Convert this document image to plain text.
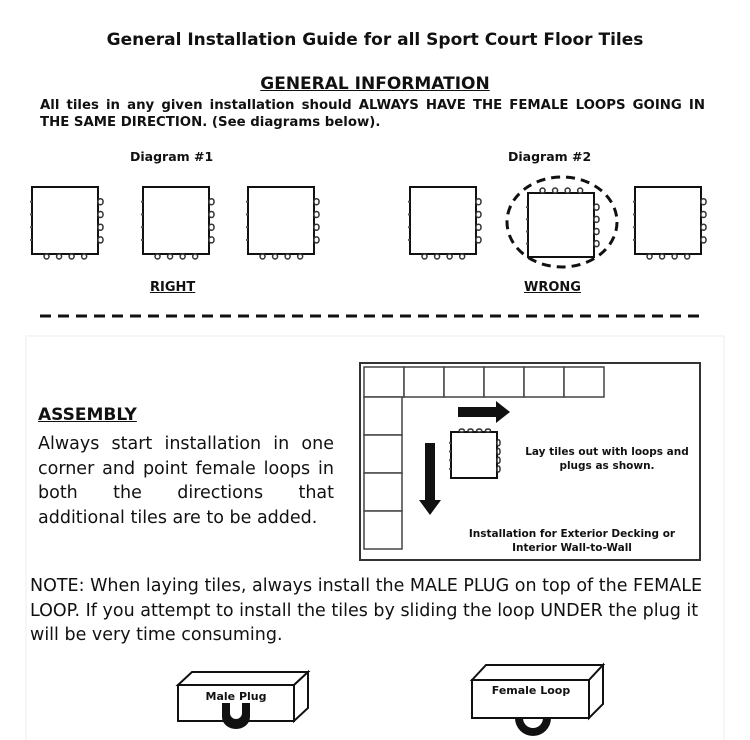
General Installation Guide for all Sport Court Floor Tiles
GENERAL INFORMATION
All tiles in any given installation should ALWAYS HAVE THE FEMALE LOOPS GOING IN THE SAME DIRECTION. (See diagrams below).
Diagram #1	Diagram #2
RIGHT	WRONG
ASSEMBLY
Always start installation in one corner and point female loops in both the directions that additional tiles are to be added.
Lay tiles out with loops and plugs as shown.
Installation for Exterior Decking or Interior Wall-to-Wall
NOTE: When laying tiles, always install the MALE PLUG on top of the FEMALE LOOP. If you attempt to install the tiles by sliding the loop UNDER the plug it will be very time consuming.
Male Plug	Female Loop
